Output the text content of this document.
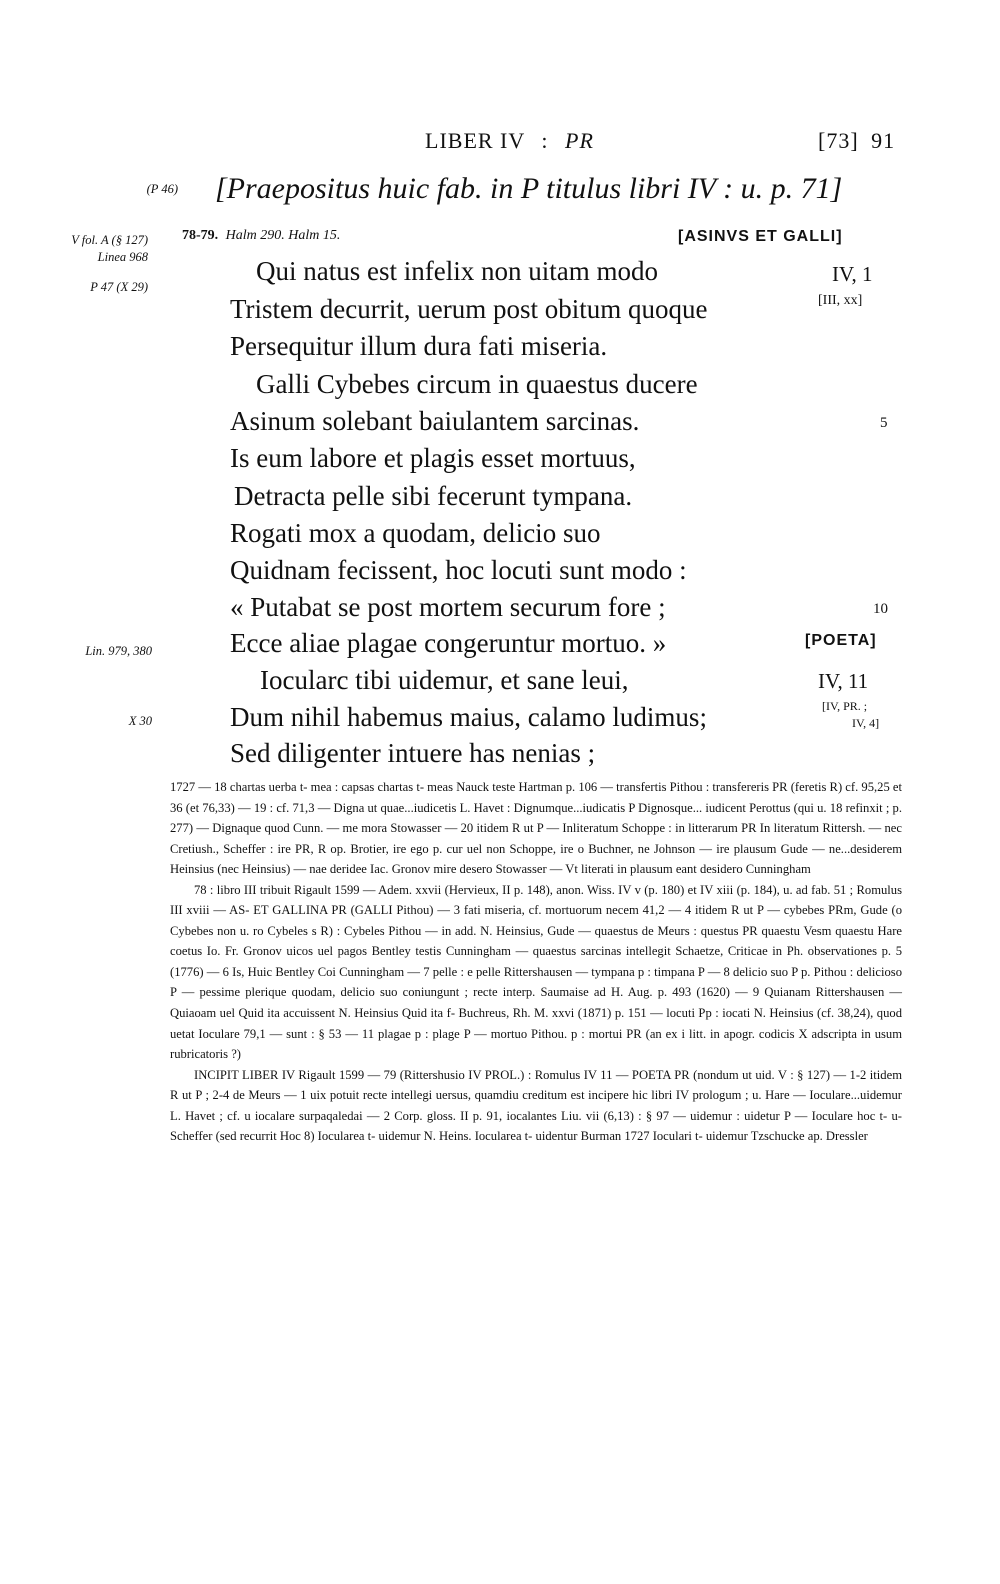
LIBER IV : PR	[73] 91
[Praepositus huic fab. in P titulus libri IV : u. p. 71]
(P 46)
V fol. A (§ 127)
Linea 968
P 47 (X 29)
Lin. 979, 380
X 30
78-79. Halm 290. Halm 15.	[ASINVS ET GALLI]
Qui natus est infelix non uitam modo
Tristem decurrit, uerum post obitum quoque
Persequitur illum dura fati miseria.
Galli Cybebes circum in quaestus ducere
Asinum solebant baiulantem sarcinas.
Is eum labore et plagis esset mortuus,
Detracta pelle sibi fecerunt tympana.
Rogati mox a quodam, delicio suo
Quidnam fecissent, hoc locuti sunt modo :
« Putabat se post mortem securum fore ;
Ecce aliae plagae congeruntur mortuo. »
Iocularc tibi uidemur, et sane leui,
Dum nihil habemus maius, calamo ludimus;
Sed diligenter intuere has nenias ;
IV, 1
[III, xx]
5
10
[POETA]
IV, 11
[IV, PR. ;
IV, 4]

1727 — 18 chartas uerba t- mea : capsas chartas t- meas Nauck teste Hartman p. 106 — transfertis Pithou : transfereris PR (feretis R) cf. 95,25 et 36 (et 76,33) — 19 : cf. 71,3 — Digna ut quae...iudicetis L. Havet : Dignumque...iudicatis P Dignosque... iudicent Perottus (qui u. 18 refinxit ; p. 277) — Dignaque quod Cunn. — me mora Stowasser — 20 itidem R ut P — Inliteratum Schoppe : in litterarum PR In literatum Rittersh. — nec Cretiush., Scheffer : ire PR, R op. Brotier, ire ego p. cur uel non Schoppe, ire o Buchner, ne Johnson — ire plausum Gude — ne...desiderem Heinsius (nec Heinsius) — nae deridee Iac. Gronov mire desero Stowasser — Vt literati in plausum eant desidero Cunningham

78 : libro III tribuit Rigault 1599 — Adem. xxvii (Hervieux, II p. 148), anon. Wiss. IV v (p. 180) et IV xiii (p. 184), u. ad fab. 51 ; Romulus III xviii — AS- ET GALLINA PR (GALLI Pithou) — 3 fati miseria, cf. mortuorum necem 41,2 — 4 itidem R ut P — cybebes PRm, Gude (o Cybebes non u. ro Cybeles s R) : Cybeles Pithou — in add. N. Heinsius, Gude — quaestus de Meurs : questus PR quaestu Vesm quaestu Hare coetus Io. Fr. Gronov uicos uel pagos Bentley testis Cunningham — quaestus sarcinas intellegit Schaetze, Criticae in Ph. observationes p. 5 (1776) — 6 Is, Huic Bentley Coi Cunningham — 7 pelle : e pelle Rittershausen — tympana p : timpana P — 8 delicio suo P p. Pithou : delicioso P — pessime plerique quodam, delicio suo coniungunt ; recte interp. Saumaise ad H. Aug. p. 493 (1620) — 9 Quianam Rittershausen — Quiaoam uel Quid ita accuissent N. Heinsius Quid ita f- Buchreus, Rh. M. xxvi (1871) p. 151 — locuti Pp : iocati N. Heinsius (cf. 38,24), quod uetat Ioculare 79,1 — sunt : § 53 — 11 plagae p : plage P — mortuo Pithou. p : mortui PR (an ex i litt. in apogr. codicis X adscripta in usum rubricatoris ?)

INCIPIT LIBER IV Rigault 1599 — 79 (Rittershusio IV PROL.) : Romulus IV 11 — POETA PR (nondum ut uid. V : § 127) — 1-2 itidem R ut P ; 2-4 de Meurs — 1 uix potuit recte intellegi uersus, quamdiu creditum est incipere hic libri IV prologum ; u. Hare — Ioculare...uidemur L. Havet ; cf. u iocalare surpaqaledai — 2 Corp. gloss. II p. 91, iocalantes Liu. vii (6,13) : § 97 — uidemur : uidetur P — Ioculare hoc t- u- Scheffer (sed recurrit Hoc 8) Iocularea t- uidemur N. Heins. Iocularea t- uidentur Burman 1727 Ioculari t- uidemur Tzschucke ap. Dressler
